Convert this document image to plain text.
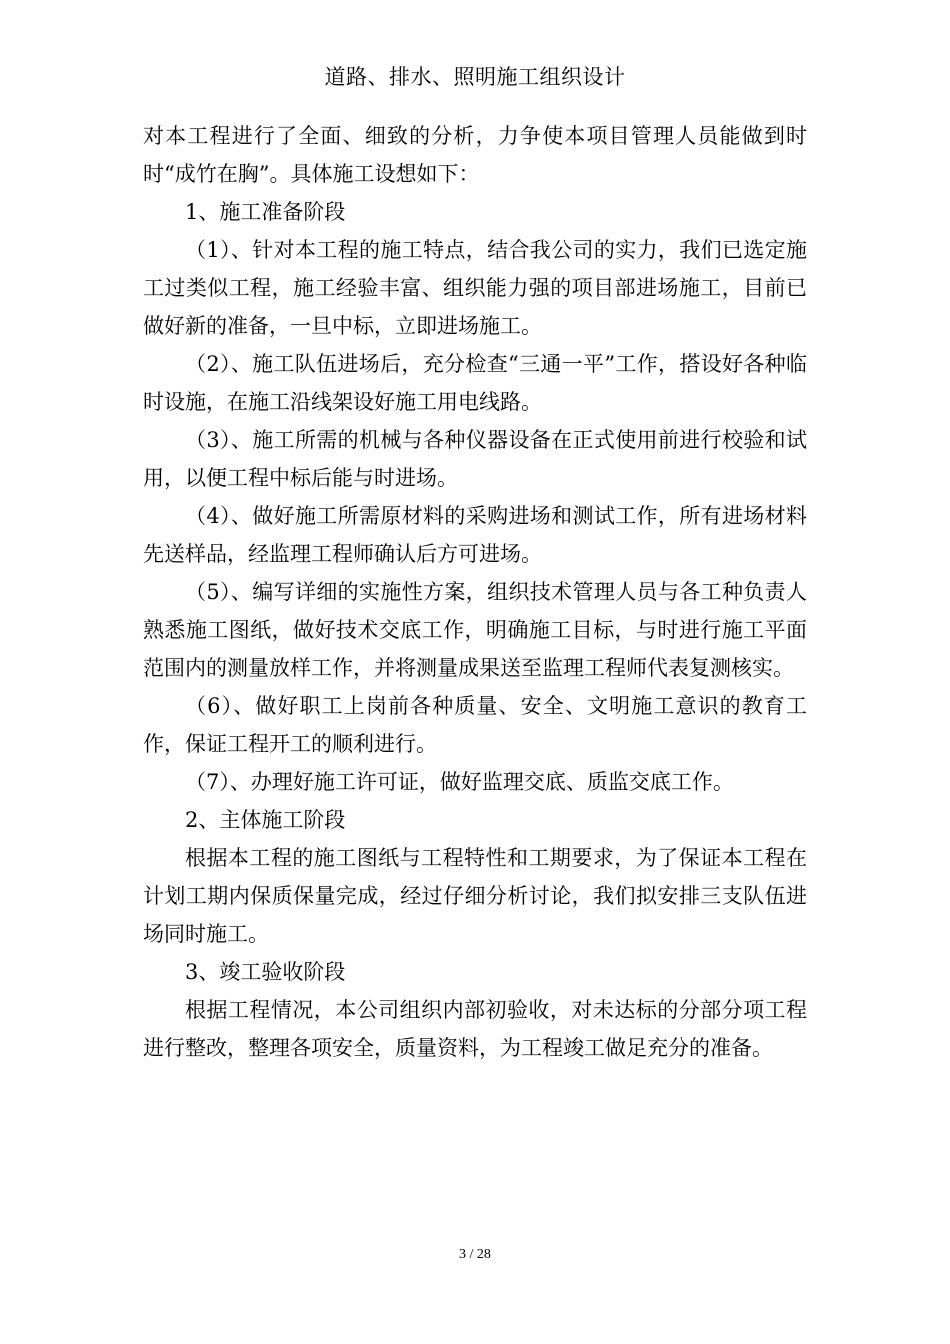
道路、排水、照明施工组织设计

对本工程进行了全面、细致的分析，力争使本项目管理人员能做到时时“成竹在胸”。具体施工设想如下：

1、施工准备阶段

（1）、针对本工程的施工特点，结合我公司的实力，我们已选定施工过类似工程，施工经验丰富、组织能力强的项目部进场施工，目前已做好新的准备，一旦中标，立即进场施工。

（2）、施工队伍进场后，充分检查“三通一平”工作，搭设好各种临时设施，在施工沿线架设好施工用电线路。

（3）、施工所需的机械与各种仪器设备在正式使用前进行校验和试用，以便工程中标后能与时进场。

（4）、做好施工所需原材料的采购进场和测试工作，所有进场材料先送样品，经监理工程师确认后方可进场。

（5）、编写详细的实施性方案，组织技术管理人员与各工种负责人熟悉施工图纸，做好技术交底工作，明确施工目标，与时进行施工平面范围内的测量放样工作，并将测量成果送至监理工程师代表复测核实。

（6）、做好职工上岗前各种质量、安全、文明施工意识的教育工作，保证工程开工的顺利进行。

（7）、办理好施工许可证，做好监理交底、质监交底工作。

2、主体施工阶段

根据本工程的施工图纸与工程特性和工期要求，为了保证本工程在计划工期内保质保量完成，经过仔细分析讨论，我们拟安排三支队伍进场同时施工。

3、竣工验收阶段

根据工程情况，本公司组织内部初验收，对未达标的分部分项工程进行整改，整理各项安全，质量资料，为工程竣工做足充分的准备。

3 / 28
